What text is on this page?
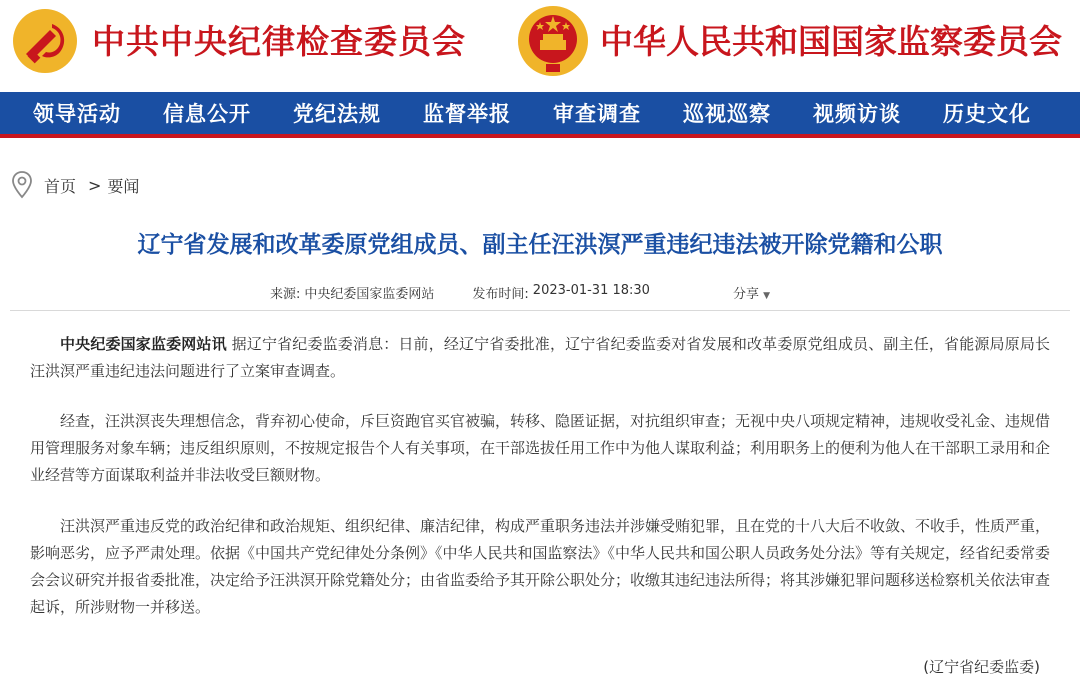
中共中央纪律检查委员会	中华人民共和国国家监察委员会
领导活动	信息公开	党纪法规	监督举报	审查调查	巡视巡察	视频访谈	历史文化
首页 > 要闻
辽宁省发展和改革委原党组成员、副主任汪洪溟严重违纪违法被开除党籍和公职
来源: 中央纪委国家监委网站	发布时间: 2023-01-31 18:30	分享 ▼

中央纪委国家监委网站讯 据辽宁省纪委监委消息：日前，经辽宁省委批准，辽宁省纪委监委对省发展和改革委原党组成员、副主任，省能源局原局长汪洪溟严重违纪违法问题进行了立案审查调查。

经查，汪洪溟丧失理想信念，背弃初心使命，斥巨资跑官买官被骗，转移、隐匿证据，对抗组织审查；无视中央八项规定精神，违规收受礼金、违规借用管理服务对象车辆；违反组织原则，不按规定报告个人有关事项，在干部选拔任用工作中为他人谋取利益；利用职务上的便利为他人在干部职工录用和企业经营等方面谋取利益并非法收受巨额财物。

汪洪溟严重违反党的政治纪律和政治规矩、组织纪律、廉洁纪律，构成严重职务违法并涉嫌受贿犯罪，且在党的十八大后不收敛、不收手，性质严重，影响恶劣，应予严肃处理。依据《中国共产党纪律处分条例》《中华人民共和国监察法》《中华人民共和国公职人员政务处分法》等有关规定，经省纪委常委会会议研究并报省委批准，决定给予汪洪溟开除党籍处分；由省监委给予其开除公职处分；收缴其违纪违法所得；将其涉嫌犯罪问题移送检察机关依法审查起诉，所涉财物一并移送。

(辽宁省纪委监委)
